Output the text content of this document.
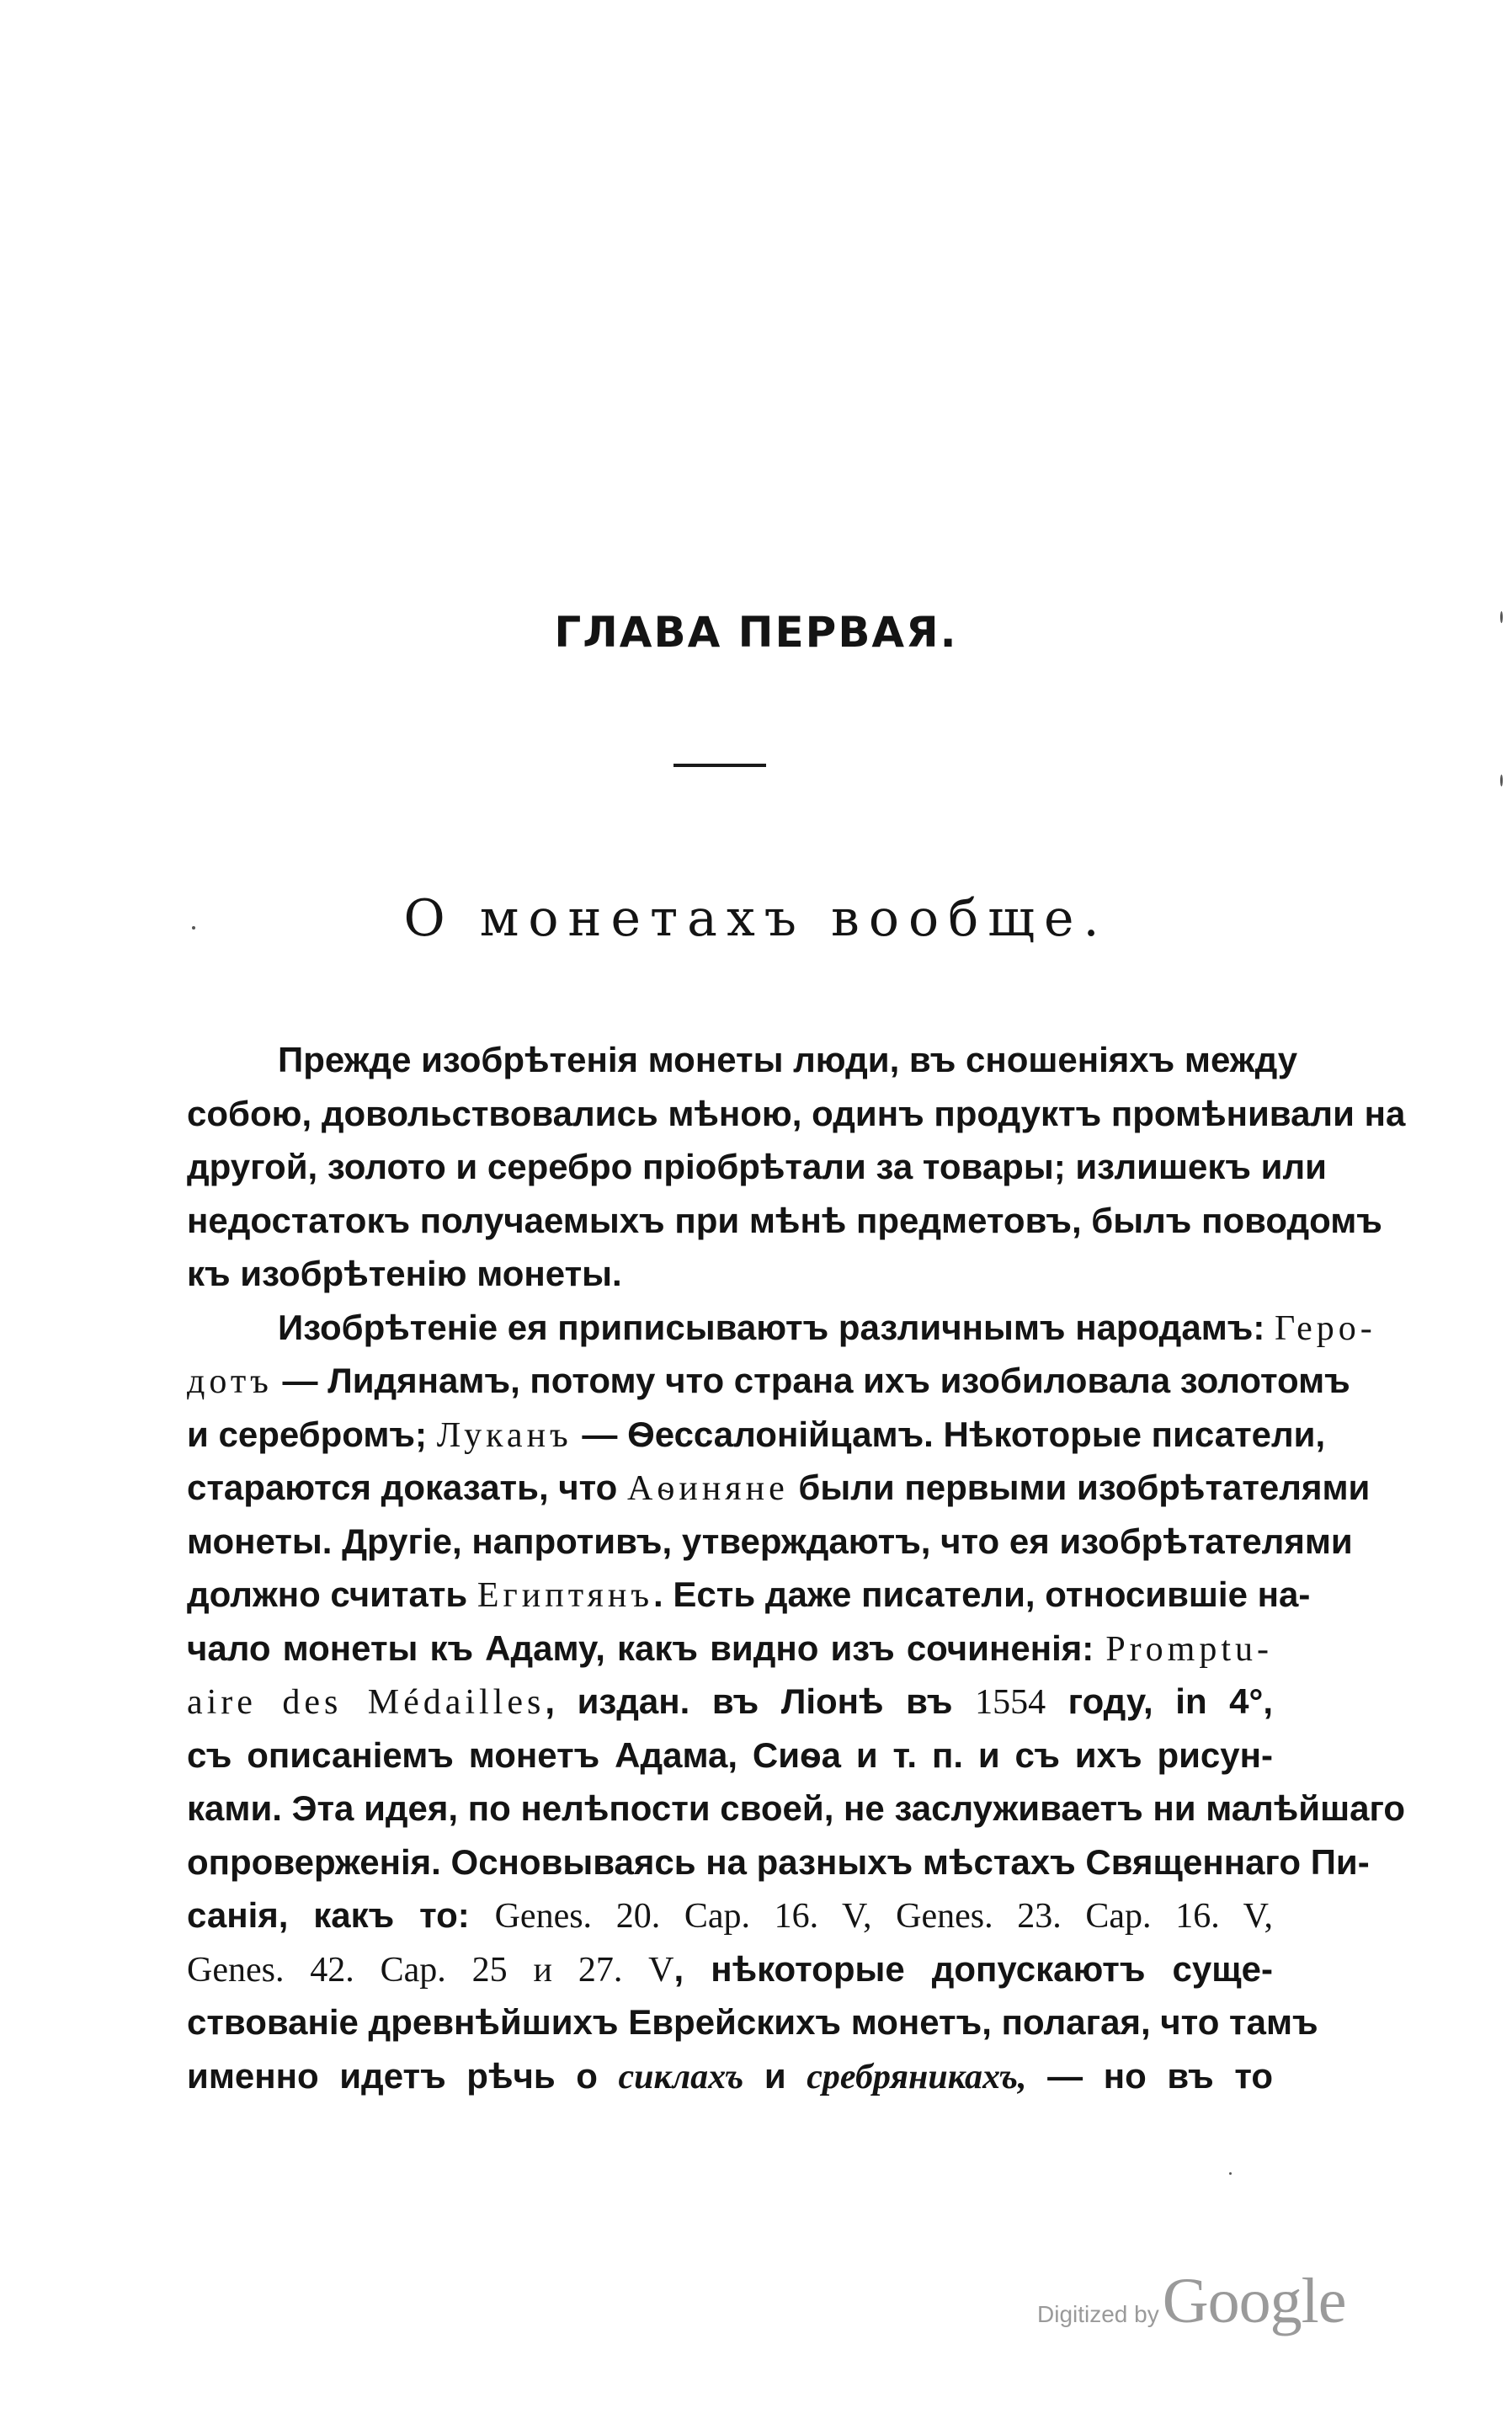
ГЛАВА ПЕРВАЯ.
О монетахъ вообще.
Прежде изобрѣтенія монеты люди, въ сношеніяхъ между
собою, довольствовались мѣною, одинъ продуктъ промѣнивали на
другой, золото и серебро пріобрѣтали за товары; излишекъ или
недостатокъ получаемыхъ при мѣнѣ предметовъ, былъ поводомъ
къ изобрѣтенію монеты.
Изобрѣтеніе ея приписываютъ различнымъ народамъ: Геро-
дотъ — Лидянамъ, потому что страна ихъ изобиловала золотомъ
и серебромъ; Луканъ — Ѳессалонійцамъ. Нѣкоторые писатели,
стараются доказать, что Аѳиняне были первыми изобрѣтателями
монеты. Другіе, напротивъ, утверждаютъ, что ея изобрѣтателями
должно считать Египтянъ. Есть даже писатели, относившіе на-
чало монеты къ Адаму, какъ видно изъ сочиненія: Promptu-
aire des Médailles, издан. въ Ліонѣ въ 1554 году, in 4°,
съ описаніемъ монетъ Адама, Сиѳа и т. п. и съ ихъ рисун-
ками. Эта идея, по нелѣпости своей, не заслуживаетъ ни малѣйшаго
опроверженія. Основываясь на разныхъ мѣстахъ Священнаго Пи-
санія, какъ то: Genes. 20. Cap. 16. V, Genes. 23. Cap. 16. V,
Genes. 42. Cap. 25 и 27. V, нѣкоторые допускаютъ суще-
ствованіе древнѣйшихъ Еврейскихъ монетъ, полагая, что тамъ
именно идетъ рѣчь о сиклахъ и сребряникахъ, — но въ то
Digitized by Google
